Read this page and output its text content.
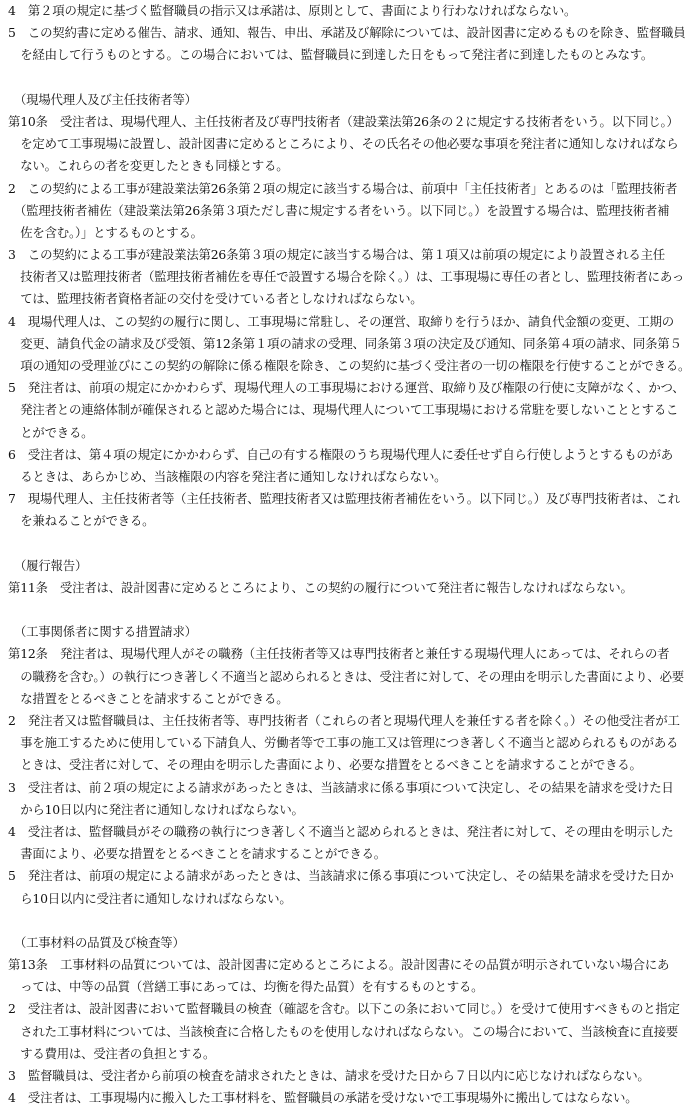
4　第２項の規定に基づく監督職員の指示又は承諾は、原則として、書面により行わなければならない。
5　この契約書に定める催告、請求、通知、報告、申出、承諾及び解除については、設計図書に定めるものを除き、監督職員
　を経由して行うものとする。この場合においては、監督職員に到達した日をもって発注者に到達したものとみなす。
　（現場代理人及び主任技術者等）
第10条　受注者は、現場代理人、主任技術者及び専門技術者（建設業法第26条の２に規定する技術者をいう。以下同じ。）
　を定めて工事現場に設置し、設計図書に定めるところにより、その氏名その他必要な事項を発注者に通知しなければなら
　ない。これらの者を変更したときも同様とする。
2　この契約による工事が建設業法第26条第２項の規定に該当する場合は、前項中「主任技術者」とあるのは「監理技術者
　（監理技術者補佐（建設業法第26条第３項ただし書に規定する者をいう。以下同じ。）を設置する場合は、監理技術者補
　佐を含む。）」とするものとする。
3　この契約による工事が建設業法第26条第３項の規定に該当する場合は、第１項又は前項の規定により設置される主任
　技術者又は監理技術者（監理技術者補佐を専任で設置する場合を除く。）は、工事現場に専任の者とし、監理技術者にあっ
　ては、監理技術者資格者証の交付を受けている者としなければならない。
4　現場代理人は、この契約の履行に関し、工事現場に常駐し、その運営、取締りを行うほか、請負代金額の変更、工期の
　変更、請負代金の請求及び受領、第12条第１項の請求の受理、同条第３項の決定及び通知、同条第４項の請求、同条第５
　項の通知の受理並びにこの契約の解除に係る権限を除き、この契約に基づく受注者の一切の権限を行使することができる。
5　発注者は、前項の規定にかかわらず、現場代理人の工事現場における運営、取締り及び権限の行使に支障がなく、かつ、
　発注者との連絡体制が確保されると認めた場合には、現場代理人について工事現場における常駐を要しないこととするこ
　とができる。
6　受注者は、第４項の規定にかかわらず、自己の有する権限のうち現場代理人に委任せず自ら行使しようとするものがあ
　るときは、あらかじめ、当該権限の内容を発注者に通知しなければならない。
7　現場代理人、主任技術者等（主任技術者、監理技術者又は監理技術者補佐をいう。以下同じ。）及び専門技術者は、これ
　を兼ねることができる。
　（履行報告）
第11条　受注者は、設計図書に定めるところにより、この契約の履行について発注者に報告しなければならない。
　（工事関係者に関する措置請求）
第12条　発注者は、現場代理人がその職務（主任技術者等又は専門技術者と兼任する現場代理人にあっては、それらの者
　の職務を含む。）の執行につき著しく不適当と認められるときは、受注者に対して、その理由を明示した書面により、必要
　な措置をとるべきことを請求することができる。
2　発注者又は監督職員は、主任技術者等、専門技術者（これらの者と現場代理人を兼任する者を除く。）その他受注者が工
　事を施工するために使用している下請負人、労働者等で工事の施工又は管理につき著しく不適当と認められるものがある
　ときは、受注者に対して、その理由を明示した書面により、必要な措置をとるべきことを請求することができる。
3　受注者は、前２項の規定による請求があったときは、当該請求に係る事項について決定し、その結果を請求を受けた日
　から10日以内に発注者に通知しなければならない。
4　受注者は、監督職員がその職務の執行につき著しく不適当と認められるときは、発注者に対して、その理由を明示した
　書面により、必要な措置をとるべきことを請求することができる。
5　発注者は、前項の規定による請求があったときは、当該請求に係る事項について決定し、その結果を請求を受けた日か
　ら10日以内に受注者に通知しなければならない。
　（工事材料の品質及び検査等）
第13条　工事材料の品質については、設計図書に定めるところによる。設計図書にその品質が明示されていない場合にあ
　っては、中等の品質（営繕工事にあっては、均衡を得た品質）を有するものとする。
2　受注者は、設計図書において監督職員の検査（確認を含む。以下この条において同じ。）を受けて使用すべきものと指定
　された工事材料については、当該検査に合格したものを使用しなければならない。この場合において、当該検査に直接要
　する費用は、受注者の負担とする。
3　監督職員は、受注者から前項の検査を請求されたときは、請求を受けた日から７日以内に応じなければならない。
4　受注者は、工事現場内に搬入した工事材料を、監督職員の承諾を受けないで工事現場外に搬出してはならない。
